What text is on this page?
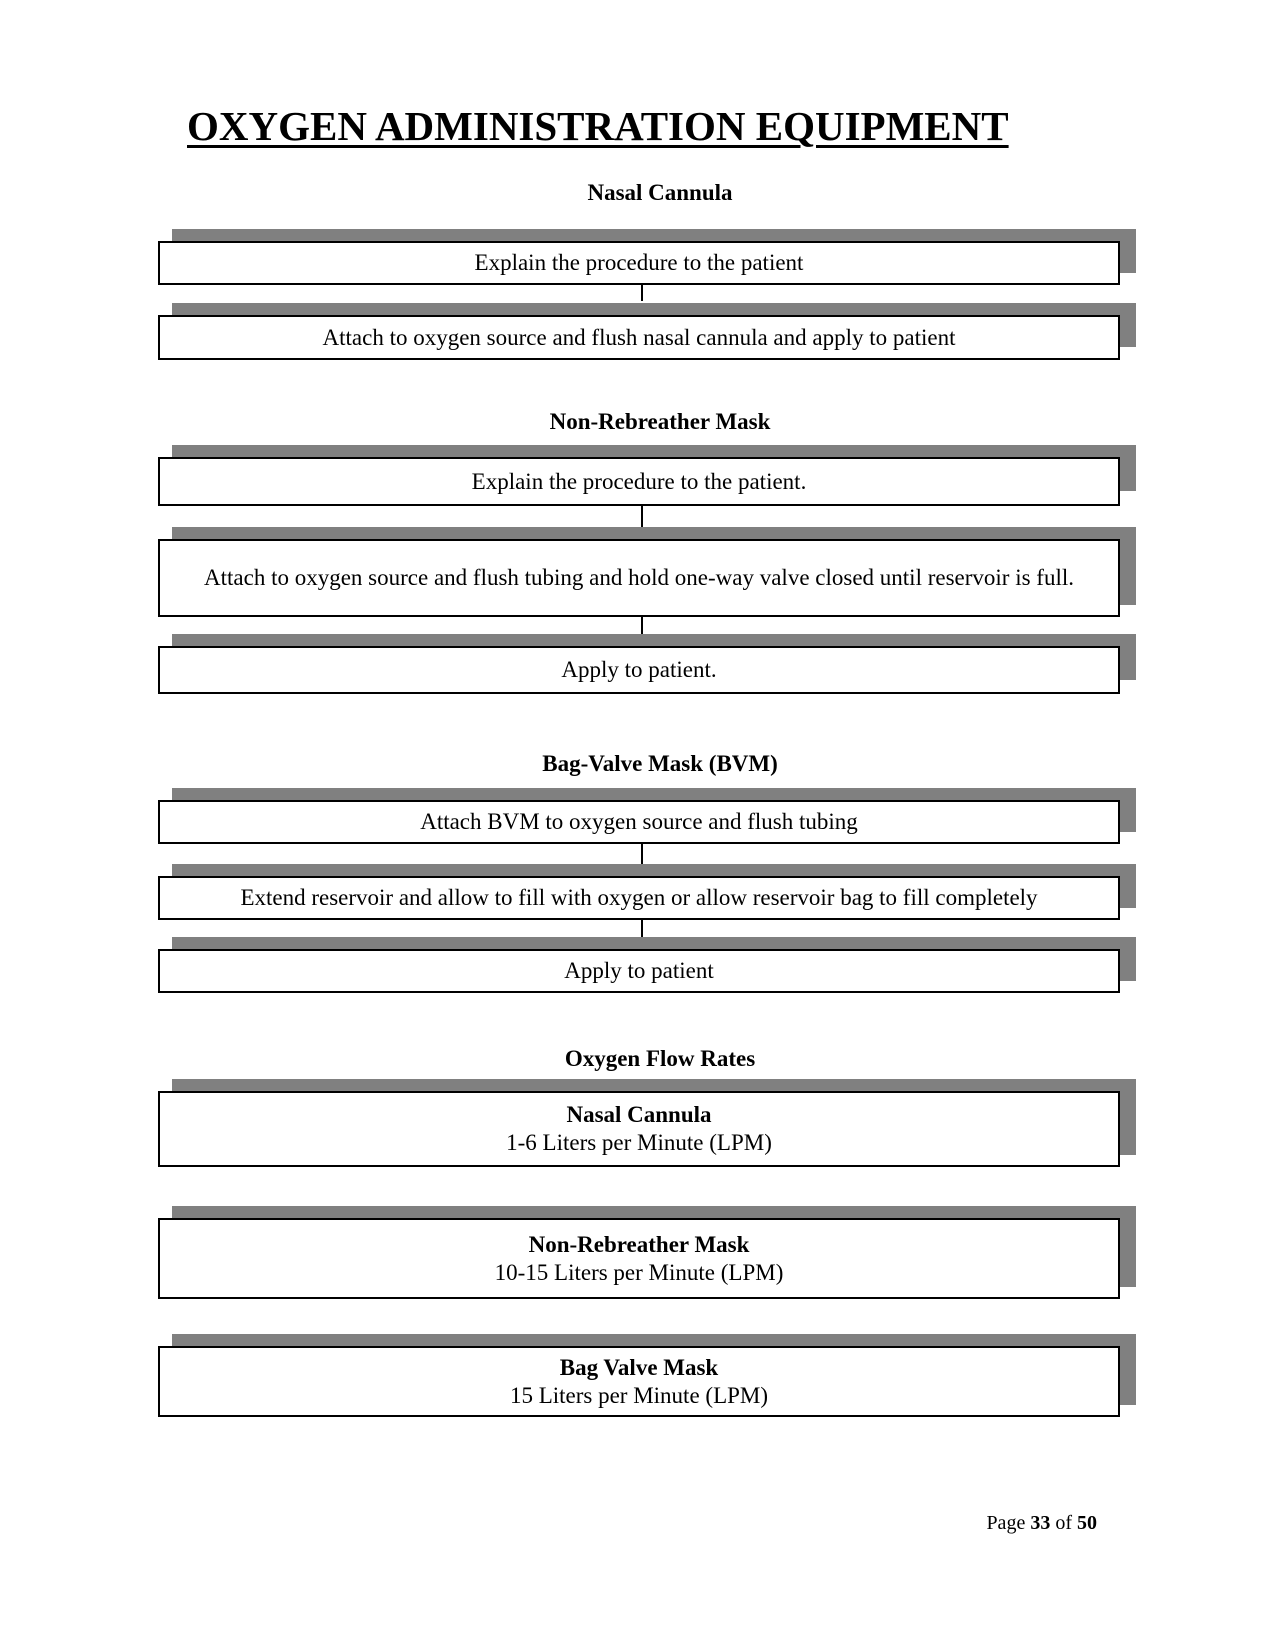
OXYGEN ADMINISTRATION EQUIPMENT
Nasal Cannula
Explain the procedure to the patient
Attach to oxygen source and flush nasal cannula and apply to patient
Non-Rebreather Mask
Explain the procedure to the patient.
Attach to oxygen source and flush tubing and hold one-way valve closed until reservoir is full.
Apply to patient.
Bag-Valve Mask (BVM)
Attach BVM to oxygen source and flush tubing
Extend reservoir and allow to fill with oxygen or allow reservoir bag to fill completely
Apply to patient
Oxygen Flow Rates
Nasal Cannula
1-6 Liters per Minute (LPM)
Non-Rebreather Mask
10-15 Liters per Minute (LPM)
Bag Valve Mask
15 Liters per Minute (LPM)
Page 33 of 50
